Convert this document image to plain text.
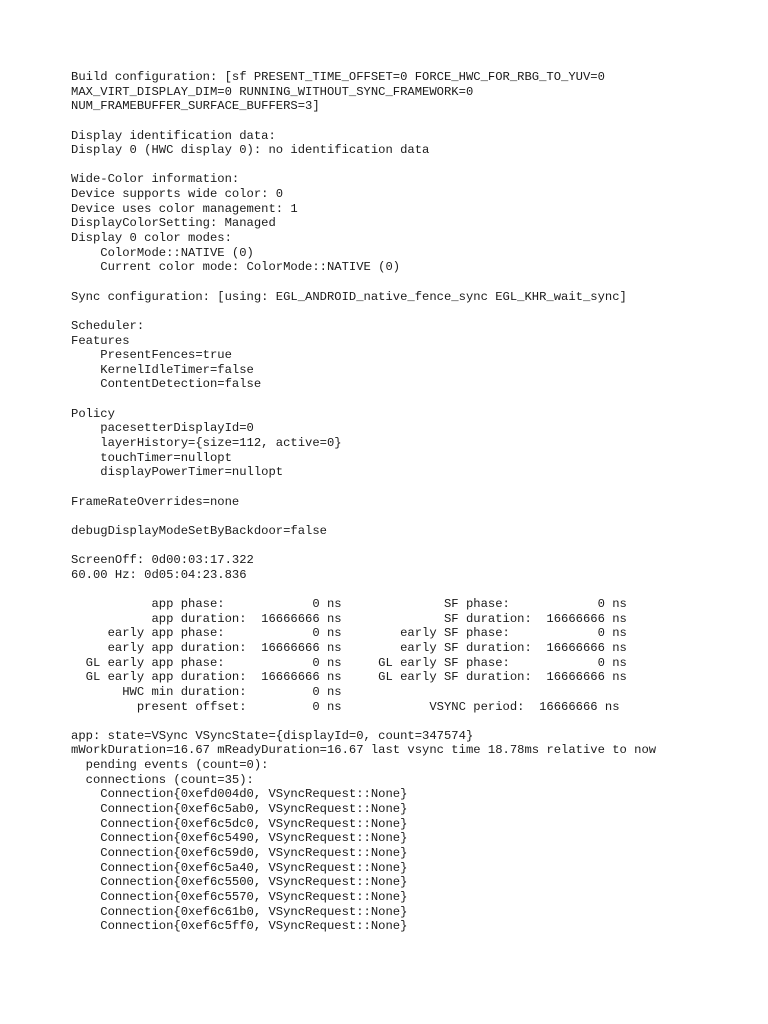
Build configuration: [sf PRESENT_TIME_OFFSET=0 FORCE_HWC_FOR_RBG_TO_YUV=0
MAX_VIRT_DISPLAY_DIM=0 RUNNING_WITHOUT_SYNC_FRAMEWORK=0
NUM_FRAMEBUFFER_SURFACE_BUFFERS=3]
Display identification data:
Display 0 (HWC display 0): no identification data
Wide-Color information:
Device supports wide color: 0
Device uses color management: 1
DisplayColorSetting: Managed
Display 0 color modes:
ColorMode::NATIVE (0)
Current color mode: ColorMode::NATIVE (0)
Sync configuration: [using: EGL_ANDROID_native_fence_sync EGL_KHR_wait_sync]
Scheduler:
Features
PresentFences=true
KernelIdleTimer=false
ContentDetection=false
Policy
pacesetterDisplayId=0
layerHistory={size=112, active=0}
touchTimer=nullopt
displayPowerTimer=nullopt
FrameRateOverrides=none
debugDisplayModeSetByBackdoor=false
ScreenOff: 0d00:03:17.322
60.00 Hz: 0d05:04:23.836
app phase:            0 ns              SF phase:            0 ns
app duration:  16666666 ns              SF duration:  16666666 ns
early app phase:            0 ns        early SF phase:            0 ns
early app duration:  16666666 ns        early SF duration:  16666666 ns
GL early app phase:            0 ns     GL early SF phase:            0 ns
GL early app duration:  16666666 ns     GL early SF duration:  16666666 ns
HWC min duration:         0 ns
present offset:         0 ns            VSYNC period:  16666666 ns
app: state=VSync VSyncState={displayId=0, count=347574}
mWorkDuration=16.67 mReadyDuration=16.67 last vsync time 18.78ms relative to now
pending events (count=0):
connections (count=35):
Connection{0xefd004d0, VSyncRequest::None}
Connection{0xef6c5ab0, VSyncRequest::None}
Connection{0xef6c5dc0, VSyncRequest::None}
Connection{0xef6c5490, VSyncRequest::None}
Connection{0xef6c59d0, VSyncRequest::None}
Connection{0xef6c5a40, VSyncRequest::None}
Connection{0xef6c5500, VSyncRequest::None}
Connection{0xef6c5570, VSyncRequest::None}
Connection{0xef6c61b0, VSyncRequest::None}
Connection{0xef6c5ff0, VSyncRequest::None}
